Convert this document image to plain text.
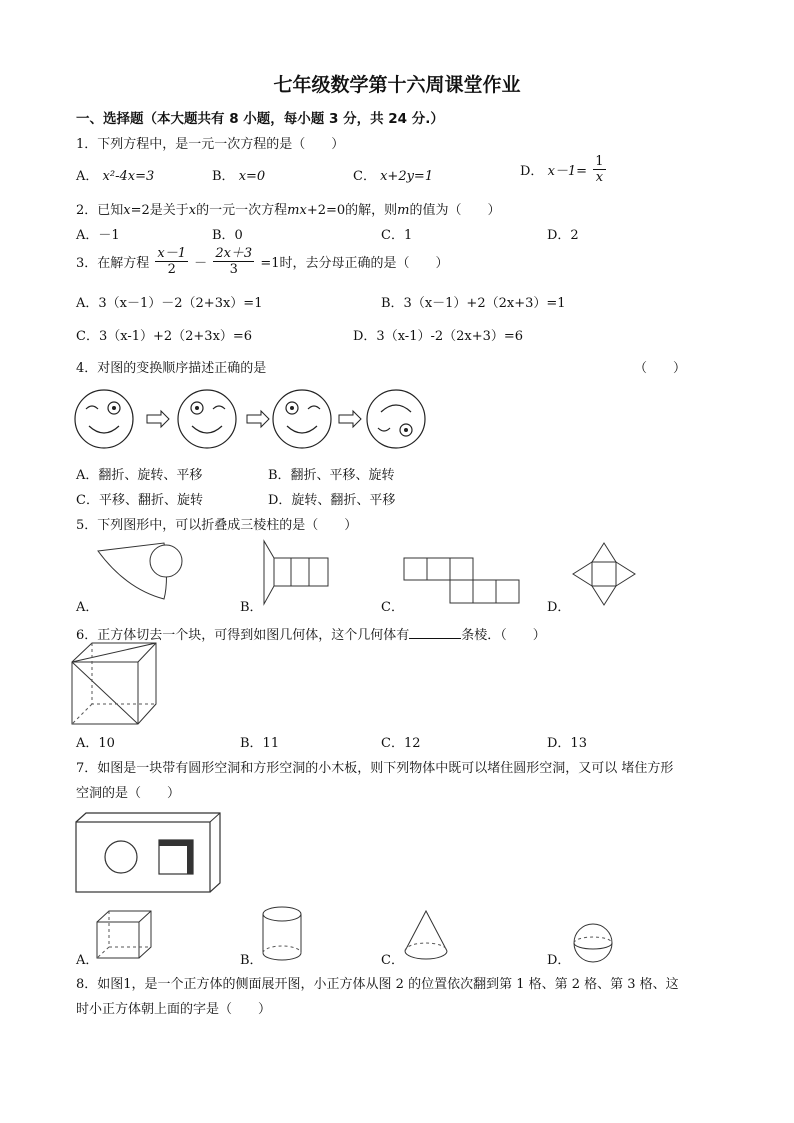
七年级数学第十六周课堂作业
一、选择题（本大题共有 8 小题，每小题 3 分，共 24 分.）
1．下列方程中，是一元一次方程的是（　　）
A． x²-4x=3	B． x=0	C． x+2y=1	D． $x-1= \frac{1}{x}$
2．已知x=2是关于x的一元一次方程mx+2=0的解，则m的值为（　　）
A．－1	B．0	C．1	D．2
3．在解方程 $\frac{x-1}{2} - \frac{2x+3}{3} =1$时，去分母正确的是（　　）
A．3（x－1）－2（2+3x）=1	B．3（x－1）+2（2x+3）=1
C．3（x-1）+2（2+3x）=6	D．3（x-1）-2（2x+3）=6
4．对图的变换顺序描述正确的是	（　　）
A．翻折、旋转、平移	B．翻折、平移、旋转
C．平移、翻折、旋转	D．旋转、翻折、平移
5．下列图形中，可以折叠成三棱柱的是（　　）
A．	B．	C．	D．
6．正方体切去一个块，可得到如图几何体，这个几何体有	条棱．（　　）
A．10	B．11	C．12	D．13
7．如图是一块带有圆形空洞和方形空洞的小木板，则下列物体中既可以堵住圆形空洞，又可以 堵住方形
空洞的是（　　）
A．	B．	C．	D．
8．如图1，是一个正方体的侧面展开图，小正方体从图 2 的位置依次翻到第 1 格、第 2 格、第 3 格、这
时小正方体朝上面的字是（　　）
